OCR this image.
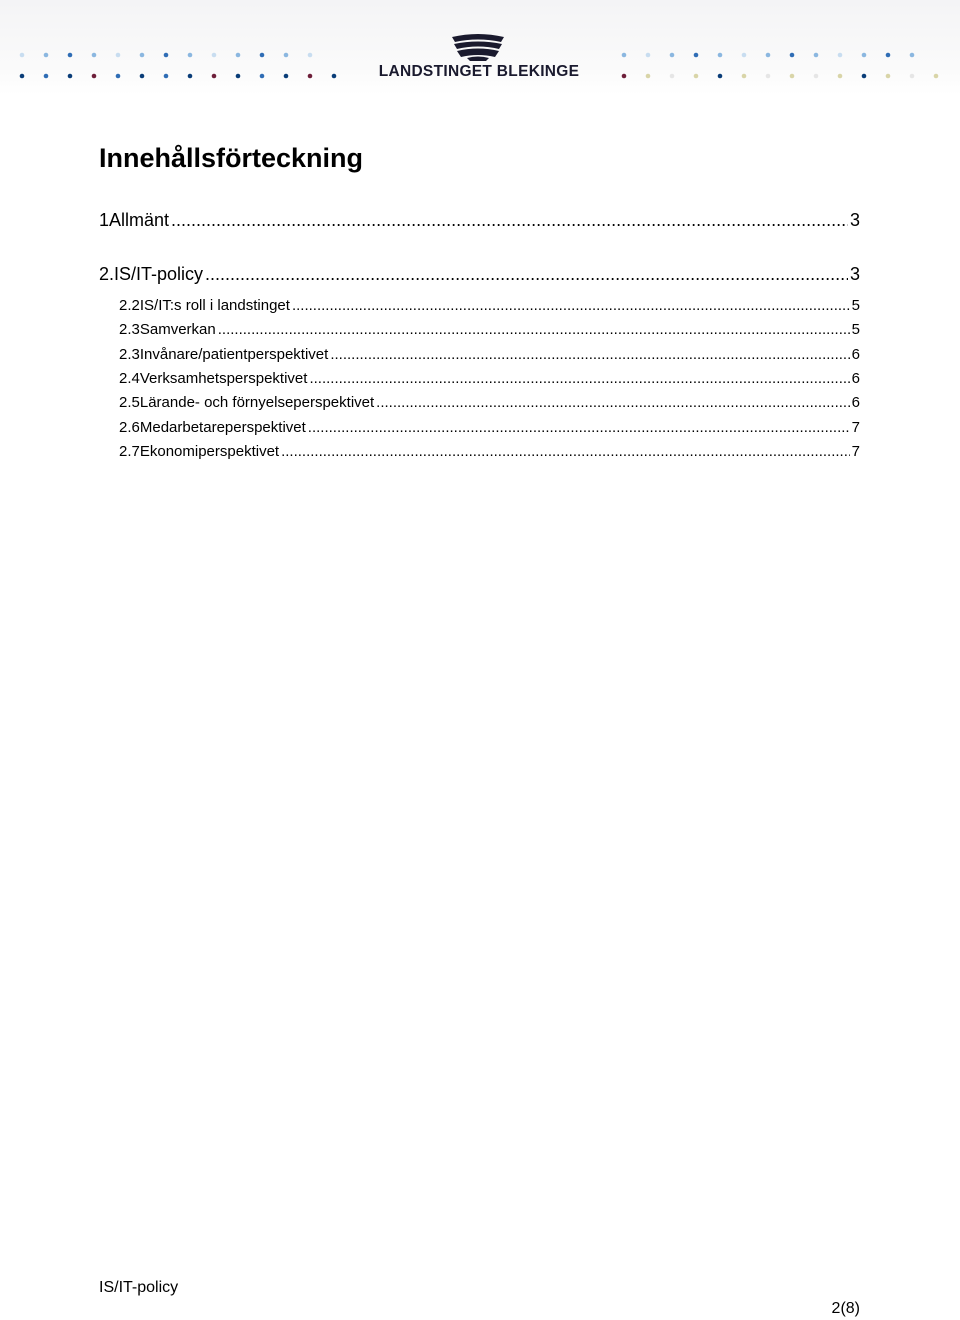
LANDSTINGET BLEKINGE
Innehållsförteckning
1 Allmänt .....	3
2. IS/IT-policy .....	3
2.2 IS/IT:s roll i landstinget .....	5
2.3 Samverkan .....	5
2.3 Invånare/patientperspektivet .....	6
2.4 Verksamhetsperspektivet .....	6
2.5 Lärande- och förnyelseperspektivet .....	6
2.6 Medarbetareperspektivet .....	7
2.7 Ekonomiperspektivet .....	7
IS/IT-policy
2(8)
